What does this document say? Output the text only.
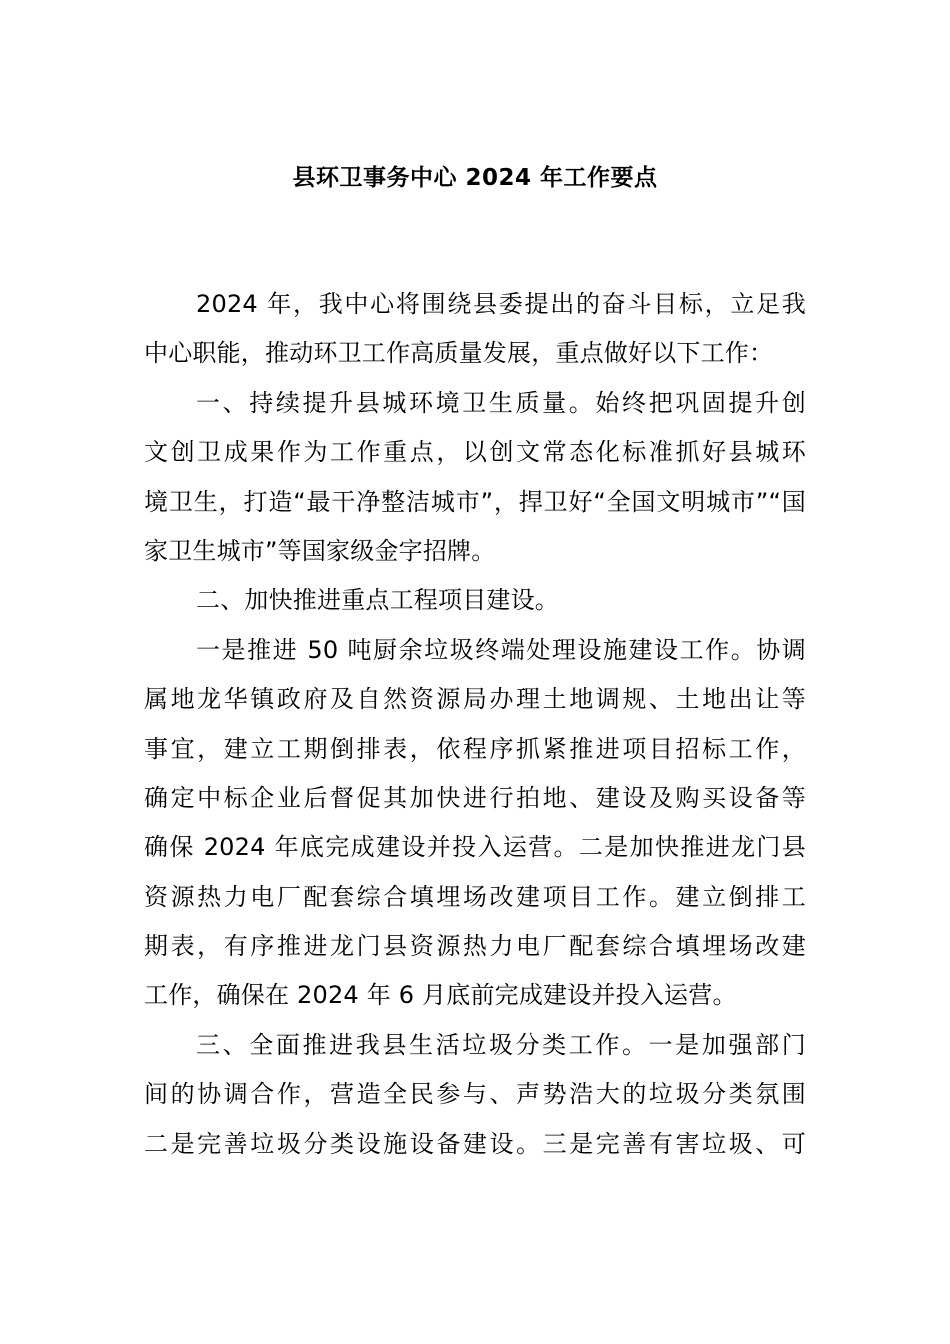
县环卫事务中心 2024 年工作要点
2024 年，我中心将围绕县委提出的奋斗目标，立足我
中心职能，推动环卫工作高质量发展，重点做好以下工作：
一、持续提升县城环境卫生质量。始终把巩固提升创
文创卫成果作为工作重点，以创文常态化标准抓好县城环
境卫生，打造“最干净整洁城市”，捍卫好“全国文明城市”“国
家卫生城市”等国家级金字招牌。
二、加快推进重点工程项目建设。
一是推进 50 吨厨余垃圾终端处理设施建设工作。协调
属地龙华镇政府及自然资源局办理土地调规、土地出让等
事宜，建立工期倒排表，依程序抓紧推进项目招标工作，
确定中标企业后督促其加快进行拍地、建设及购买设备等
确保 2024 年底完成建设并投入运营。二是加快推进龙门县
资源热力电厂配套综合填埋场改建项目工作。建立倒排工
期表，有序推进龙门县资源热力电厂配套综合填埋场改建
工作，确保在 2024 年 6 月底前完成建设并投入运营。
三、全面推进我县生活垃圾分类工作。一是加强部门
间的协调合作，营造全民参与、声势浩大的垃圾分类氛围
二是完善垃圾分类设施设备建设。三是完善有害垃圾、可
